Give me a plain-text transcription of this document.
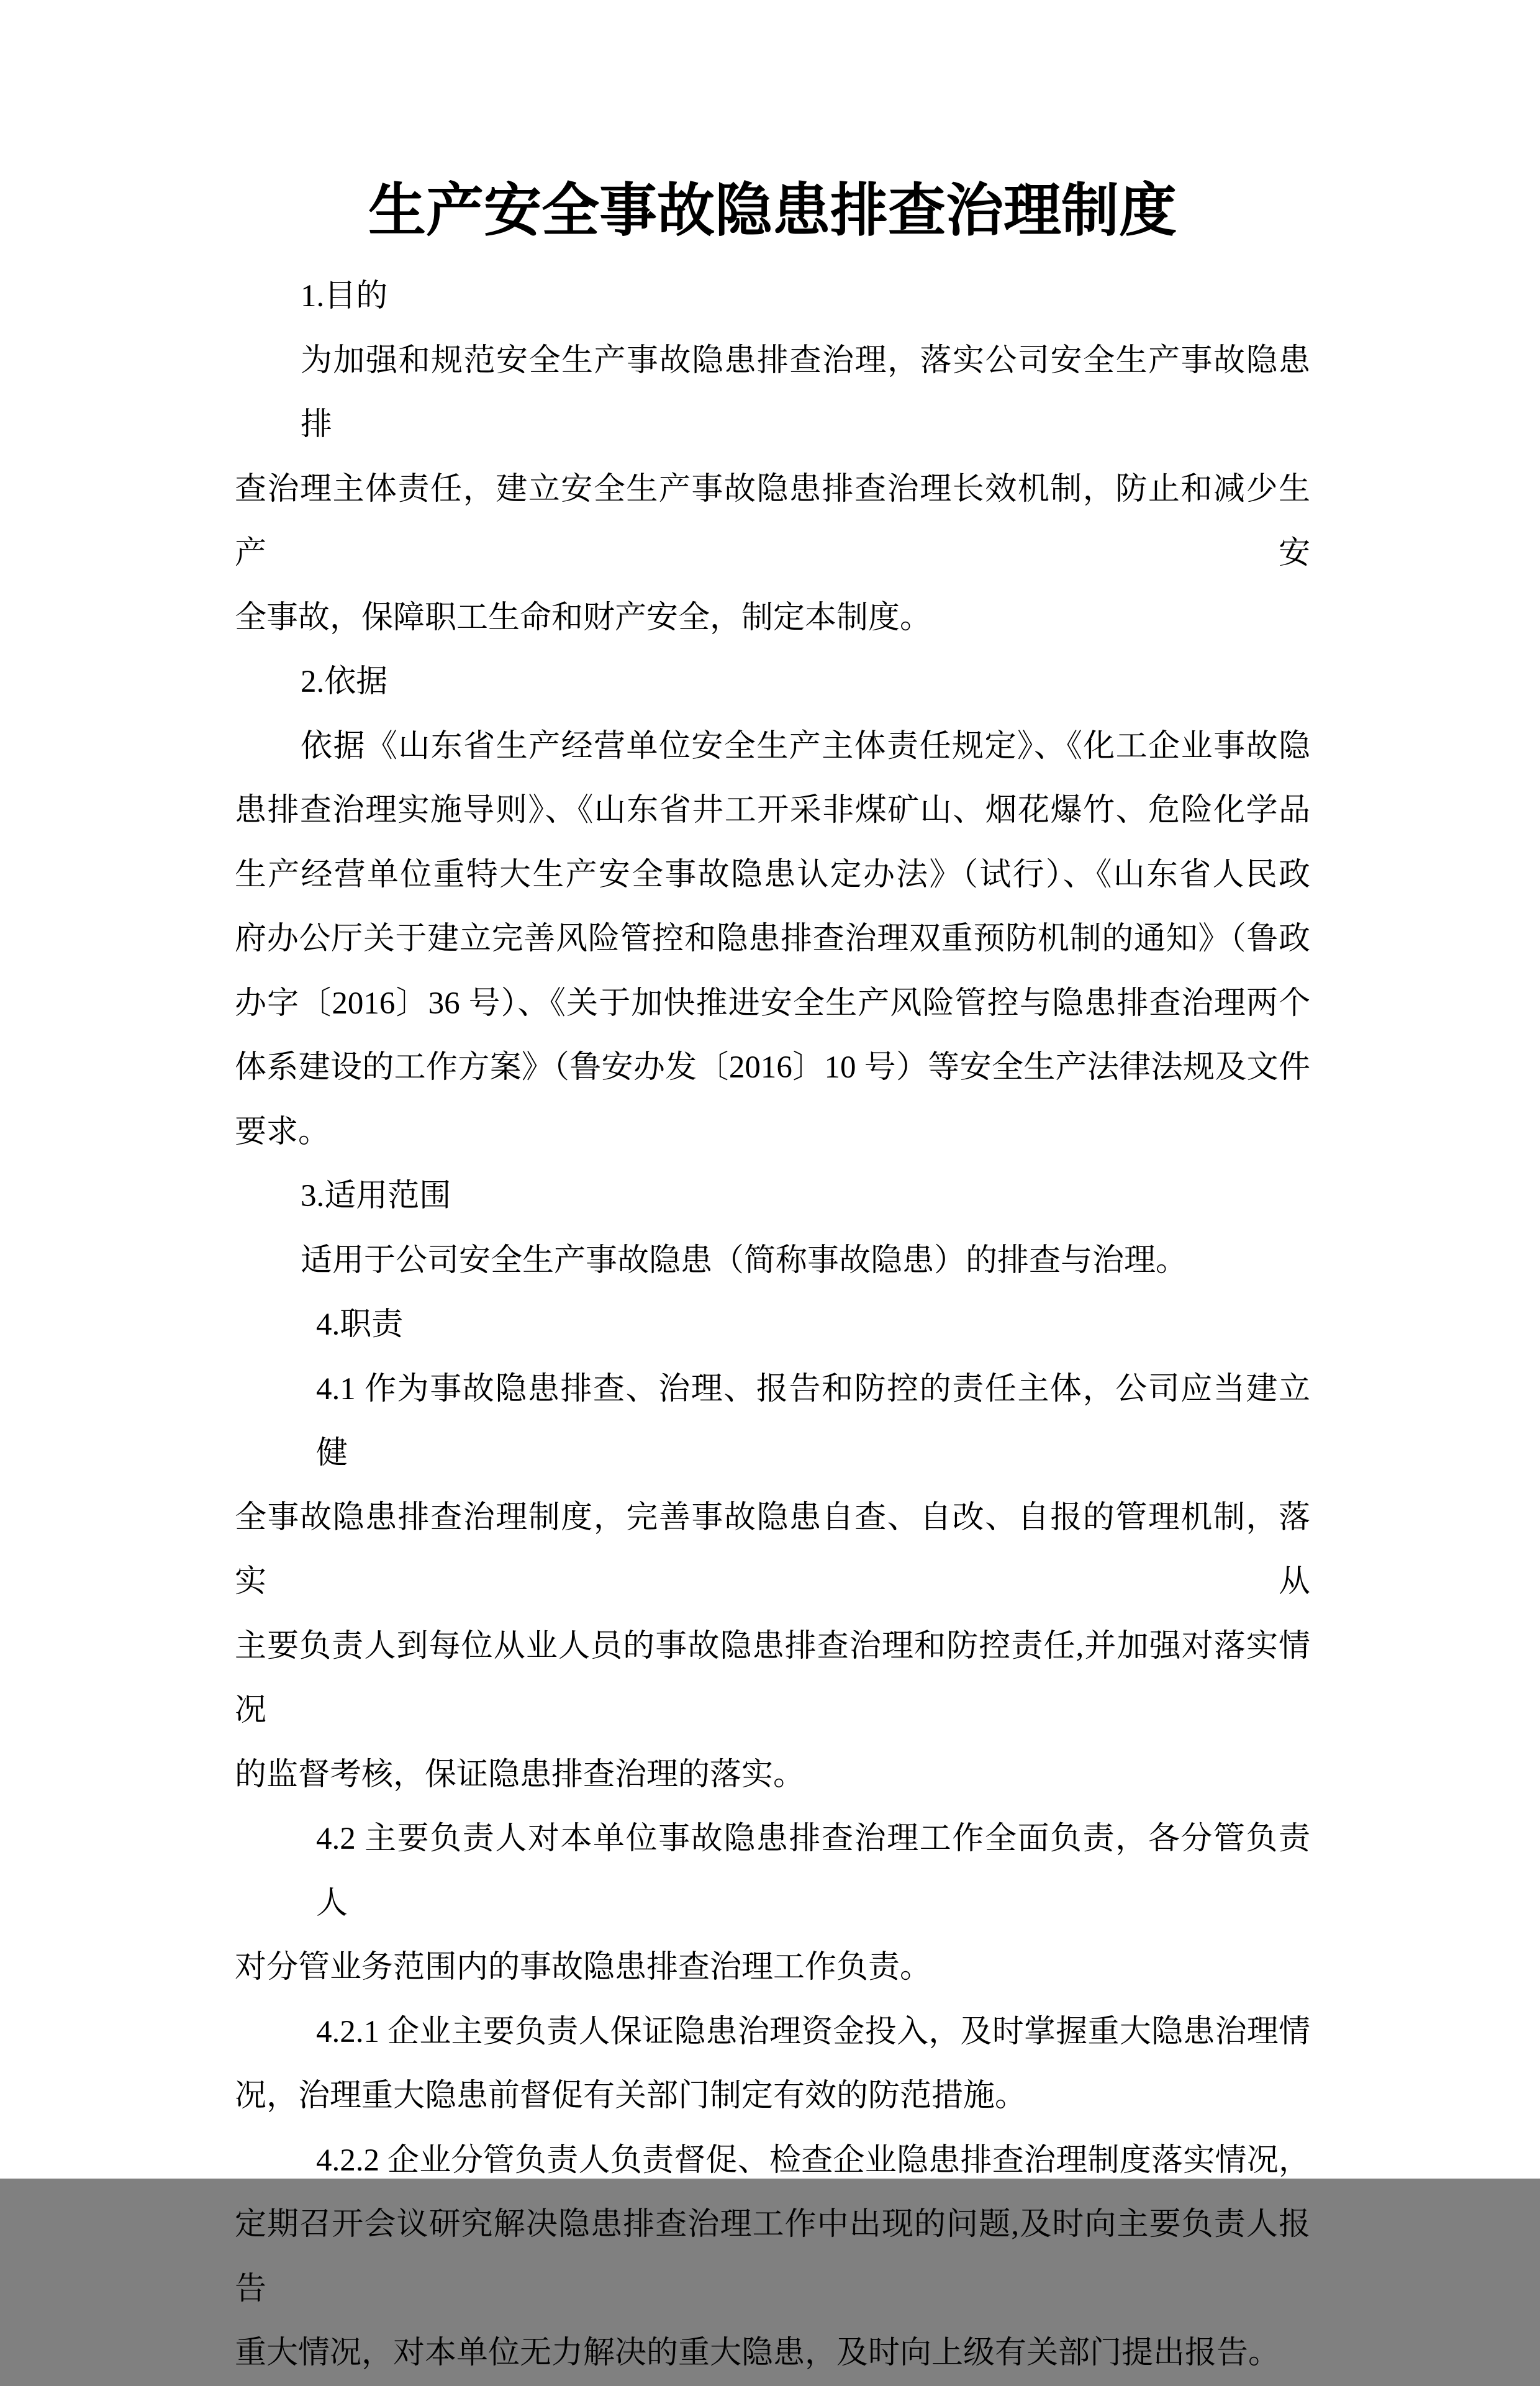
生产安全事故隐患排查治理制度
1.目的
为加强和规范安全生产事故隐患排查治理，落实公司安全生产事故隐患排
查治理主体责任，建立安全生产事故隐患排查治理长效机制，防止和减少生产安
全事故，保障职工生命和财产安全，制定本制度。
2.依据
依据《山东省生产经营单位安全生产主体责任规定》、《化工企业事故隐
患排查治理实施导则》、《山东省井工开采非煤矿山、烟花爆竹、危险化学品
生产经营单位重特大生产安全事故隐患认定办法》（试行）、《山东省人民政
府办公厅关于建立完善风险管控和隐患排查治理双重预防机制的通知》（鲁政
办字〔2016〕36 号）、《关于加快推进安全生产风险管控与隐患排查治理两个
体系建设的工作方案》（鲁安办发〔2016〕10 号）等安全生产法律法规及文件
要求。
3.适用范围
适用于公司安全生产事故隐患（简称事故隐患）的排查与治理。
4.职责
4.1 作为事故隐患排查、治理、报告和防控的责任主体，公司应当建立健
全事故隐患排查治理制度，完善事故隐患自查、自改、自报的管理机制，落实从
主要负责人到每位从业人员的事故隐患排查治理和防控责任,并加强对落实情况
的监督考核，保证隐患排查治理的落实。
4.2 主要负责人对本单位事故隐患排查治理工作全面负责，各分管负责人
对分管业务范围内的事故隐患排查治理工作负责。
4.2.1 企业主要负责人保证隐患治理资金投入，及时掌握重大隐患治理情
况，治理重大隐患前督促有关部门制定有效的防范措施。
4.2.2 企业分管负责人负责督促、检查企业隐患排查治理制度落实情况，
定期召开会议研究解决隐患排查治理工作中出现的问题,及时向主要负责人报告
重大情况，对本单位无力解决的重大隐患，及时向上级有关部门提出报告。
